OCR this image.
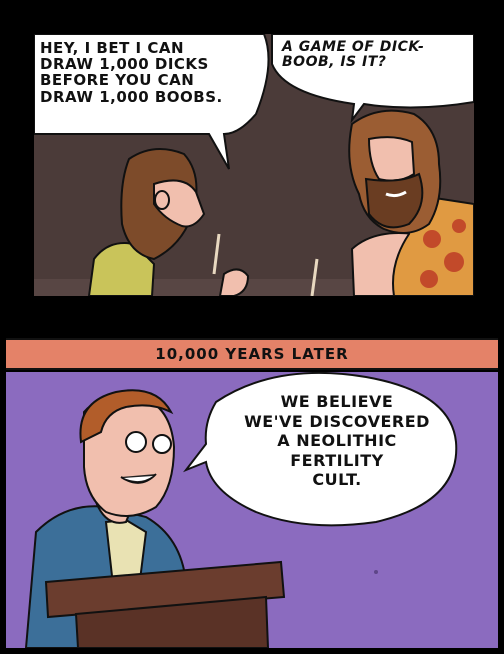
HEY, I BET I CAN
DRAW 1,000 DICKS
BEFORE YOU CAN
DRAW 1,000 BOOBS.

A GAME OF DICK-
BOOB, IS IT?

10,000 YEARS LATER

WE BELIEVE
WE'VE DISCOVERED
A NEOLITHIC
FERTILITY
CULT.
